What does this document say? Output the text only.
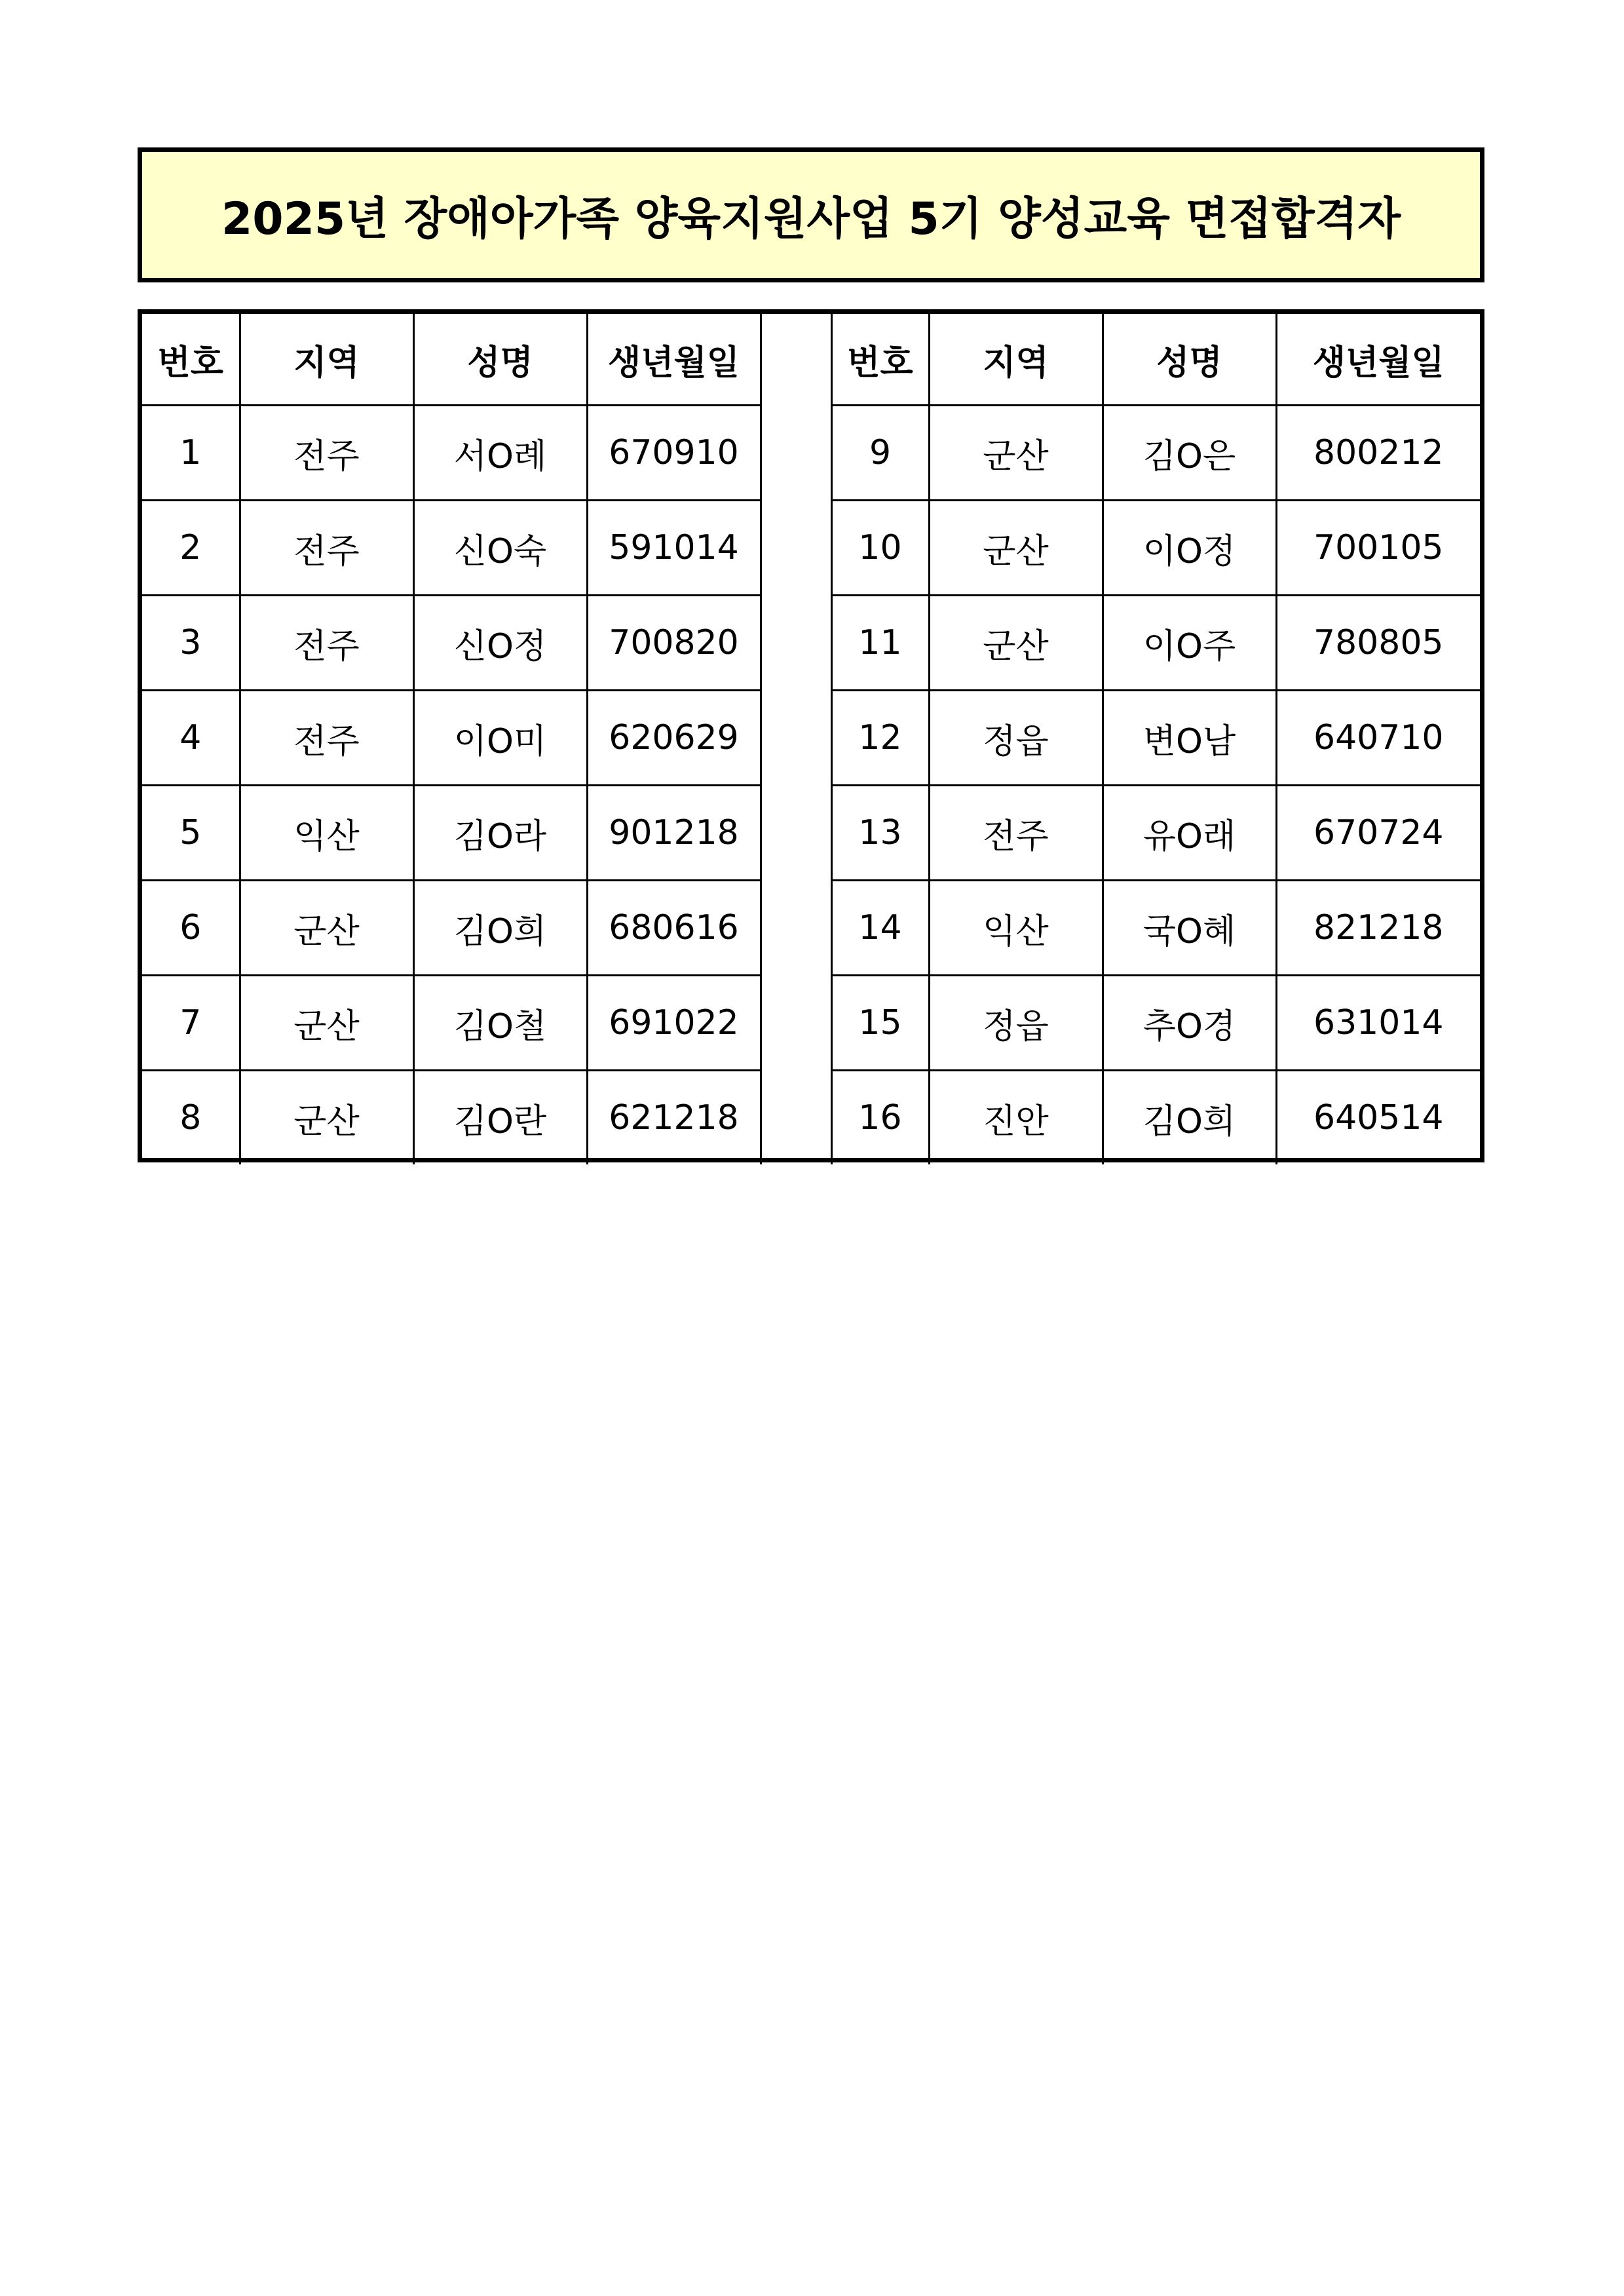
2025년 장애아가족 양육지원사업 5기 양성교육 면접합격자
번호	지역	성명	생년월일		번호	지역	성명	생년월일
1	전주	서O례	670910		9	군산	김O은	800212
2	전주	신O숙	591014		10	군산	이O정	700105
3	전주	신O정	700820		11	군산	이O주	780805
4	전주	이O미	620629		12	정읍	변O남	640710
5	익산	김O라	901218		13	전주	유O래	670724
6	군산	김O희	680616		14	익산	국O혜	821218
7	군산	김O철	691022		15	정읍	추O경	631014
8	군산	김O란	621218		16	진안	김O희	640514
